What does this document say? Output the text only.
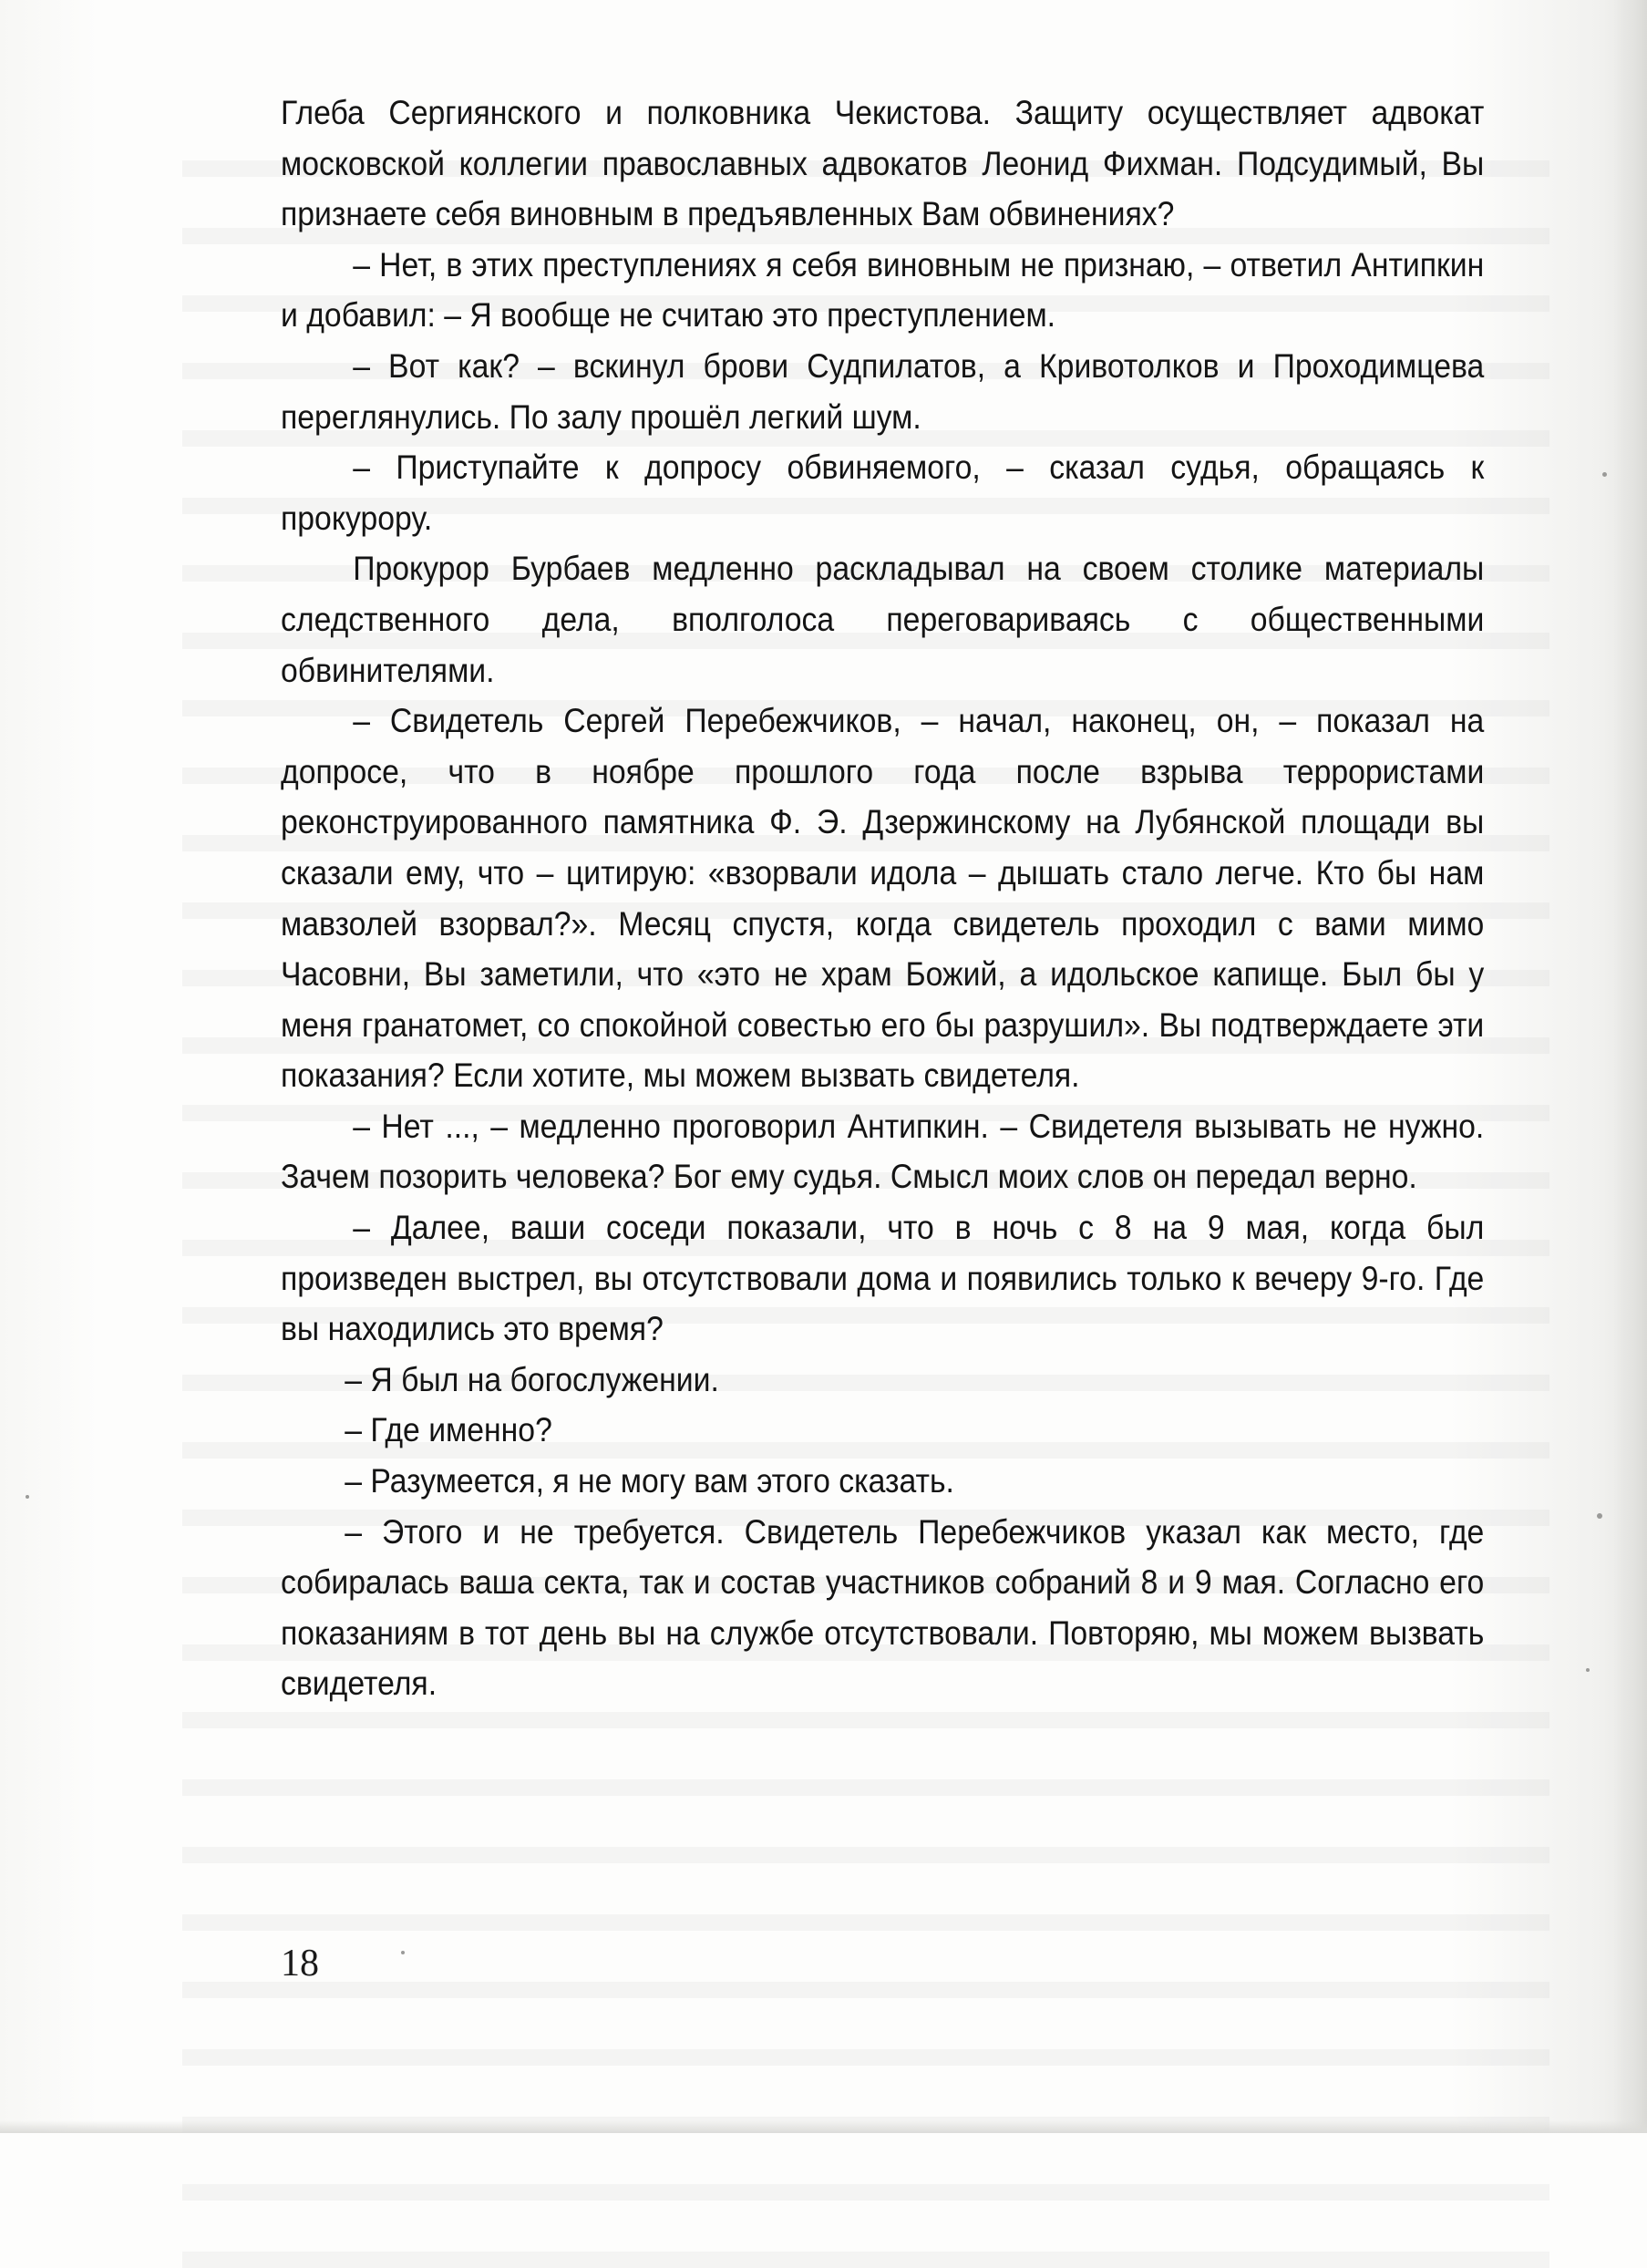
Глеба Сергиянского и полковника Чекистова. Защиту осуществляет адвокат московской коллегии православных адвокатов Леонид Фихман. Подсудимый, Вы признаете себя виновным в предъявленных Вам обвинениях?

– Нет, в этих преступлениях я себя виновным не признаю, – ответил Антипкин и добавил: – Я вообще не считаю это преступлением.

– Вот как? – вскинул брови Судпилатов, а Кривотолков и Проходимцева переглянулись. По залу прошёл легкий шум.

– Приступайте к допросу обвиняемого, – сказал судья, обращаясь к прокурору.

Прокурор Бурбаев медленно раскладывал на своем столике материалы следственного дела, вполголоса переговариваясь с общественными обвинителями.

– Свидетель Сергей Перебежчиков, – начал, наконец, он, – показал на допросе, что в ноябре прошлого года после взрыва террористами реконструированного памятника Ф. Э. Дзержинскому на Лубянской площади вы сказали ему, что – цитирую: «взорвали идола – дышать стало легче. Кто бы нам мавзолей взорвал?». Месяц спустя, когда свидетель проходил с вами мимо Часовни, Вы заметили, что «это не храм Божий, а идольское капище. Был бы у меня гранатомет, со спокойной совестью его бы разрушил». Вы подтверждаете эти показания? Если хотите, мы можем вызвать свидетеля.

– Нет ..., – медленно проговорил Антипкин. – Свидетеля вызывать не нужно. Зачем позорить человека? Бог ему судья. Смысл моих слов он передал верно.

– Далее, ваши соседи показали, что в ночь с 8 на 9 мая, когда был произведен выстрел, вы отсутствовали дома и появились только к вечеру 9-го. Где вы находились это время?

– Я был на богослужении.

– Где именно?

– Разумеется, я не могу вам этого сказать.

– Этого и не требуется. Свидетель Перебежчиков указал как место, где собиралась ваша секта, так и состав участников собраний 8 и 9 мая. Согласно его показаниям в тот день вы на службе отсутствовали. Повторяю, мы можем вызвать свидетеля.

18
